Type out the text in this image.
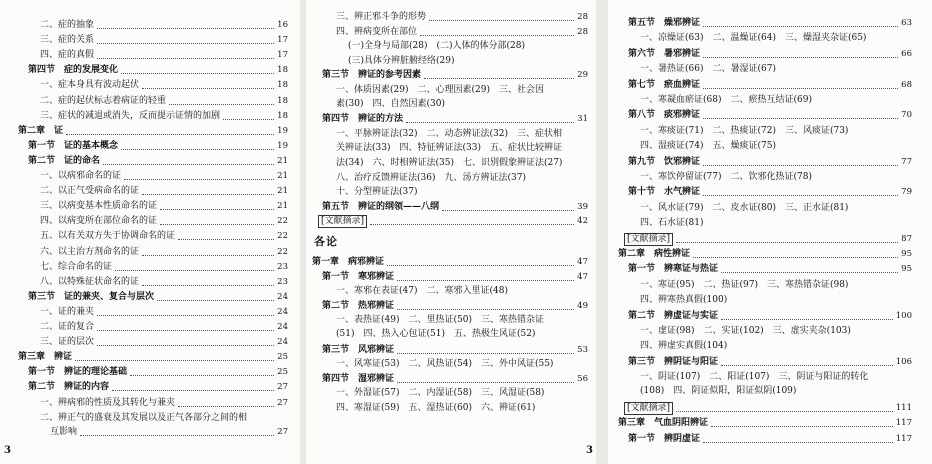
二、症的抽象	16
三、症的关系	17
四、症的真假	17
第四节　症的发展变化	18
一、症本身具有波动起伏	18
二、症的起伏标志着病证的轻重	18
三、症状的减退或消失，反而提示证情的加剧	18
第二章　证	19
第一节　证的基本概念	19
第二节　证的命名	21
一、以病邪命名的证	21
二、以正气受病命名的证	21
三、以病变基本性质命名的证	21
四、以病变所在部位命名的证	22
五、以有关双方失于协调命名的证	22
六、以主治方剂命名的证	22
七、综合命名的证	23
八、以特殊征状命名的证	23
第三节　证的兼夹、复合与层次	24
一、证的兼夹	24
二、证的复合	24
三、证的层次	24
第三章　辨证	25
第一节　辨证的理论基础	25
第二节　辨证的内容	27
一、辨病邪的性质及其转化与兼夹	27
二、辨正气的盛衰及其发展以及正气各部分之间的相
互影响	27
3
三、辨正邪斗争的形势	28
四、辨病变所在部位	28
(一)全身与局部(28)　(二)人体的体分部(28)
(三)具体分辨脏腑经络(29)
第三节　辨证的参考因素	29
一、体质因素(29)　二、心理因素(29)　三、社会因
素(30)　四、自然因素(30)
第四节　辨证的方法	31
一、平脉辨证法(32)　二、动态辨证法(32)　三、症状相
关辨证法(33)　四、特征辨证法(33)　五、症状比较辨证
法(34)　六、时相辨证法(35)　七、识别假象辨证法(27)
八、治疗反馈辨证法(36)　九、汤方辨证法(37)
十、分型辨证法(37)
第五节　辨证的纲领——八纲	39
[文献摘录]	42
各论
第一章　病邪辨证	47
第一节　寒邪辨证	47
一、寒邪在表证(47)　二、寒邪入里证(48)
第二节　热邪辨证	49
一、表热证(49)　二、里热证(50)　三、寒热错杂证
(51)　四、热入心包证(51)　五、热极生风证(52)
第三节　风邪辨证	53
一、风寒证(53)　二、风热证(54)　三、外中风证(55)
第四节　湿邪辨证	56
一、外湿证(57)　二、内湿证(58)　三、风湿证(58)
四、寒湿证(59)　五、湿热证(60)　六、辨证(61)
3
第五节　燥邪辨证	63
一、凉燥证(63)　二、温燥证(64)　三、燥湿夹杂证(65)
第六节　暑邪辨证	66
一、暑热证(66)　二、暑湿证(67)
第七节　瘀血辨证	68
一、寒凝血瘀证(68)　二、瘀热互结证(69)
第八节　痰邪辨证	70
一、寒痰证(71)　二、热痰证(72)　三、风痰证(73)
四、湿痰证(74)　五、燥痰证(75)
第九节　饮邪辨证	77
一、寒饮停留证(77)　二、饮邪化热证(78)
第十节　水气辨证	79
一、风水证(79)　二、皮水证(80)　三、正水证(81)
四、石水证(81)
[文献摘录]	87
第二章　病性辨证	95
第一节　辨寒证与热证	95
一、寒证(95)　二、热证(97)　三、寒热错杂证(98)
四、辨寒热真假(100)
第二节　辨虚证与实证	100
一、虚证(98)　二、实证(102)　三、虚实夹杂(103)
四、辨虚实真假(104)
第三节　辨阴证与阳证	106
一、阴证(107)　二、阳证(107)　三、阴证与阳证的转化
(108)　四、阴证似阳，阳证似阴(109)
[文献摘录]	111
第三章　气血阴阳辨证	117
第一节　辨阴虚证	117
